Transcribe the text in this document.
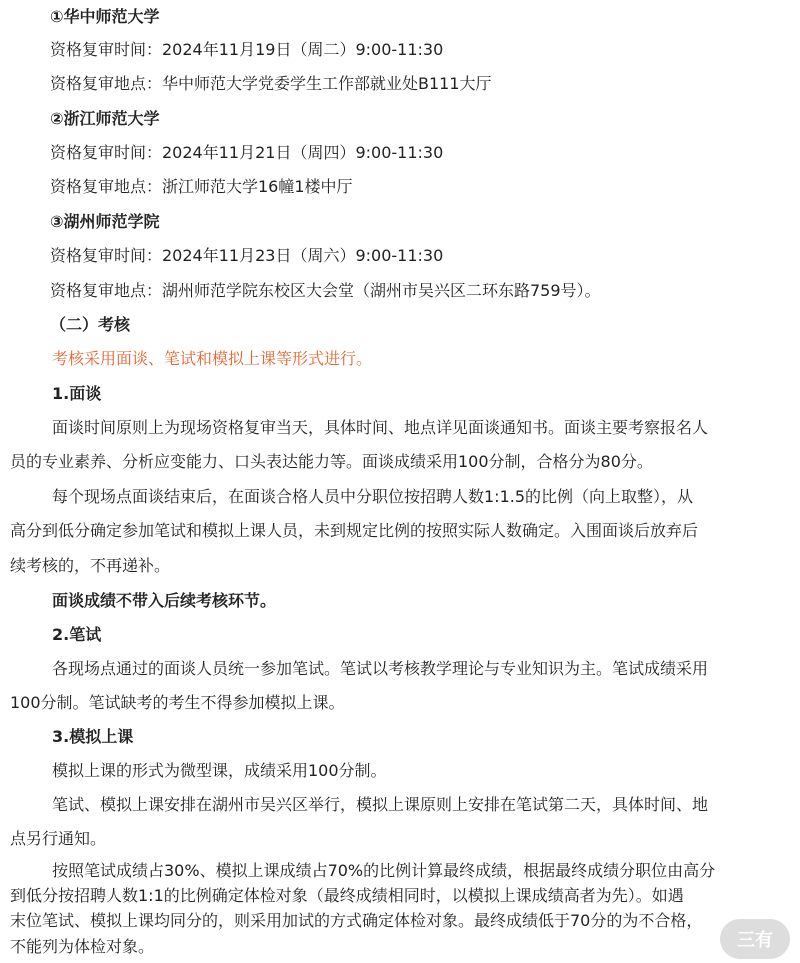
①华中师范大学
资格复审时间：2024年11月19日（周二）9:00-11:30
资格复审地点：华中师范大学党委学生工作部就业处B111大厅
②浙江师范大学
资格复审时间：2024年11月21日（周四）9:00-11:30
资格复审地点：浙江师范大学16幢1楼中厅
③湖州师范学院
资格复审时间：2024年11月23日（周六）9:00-11:30
资格复审地点：湖州师范学院东校区大会堂（湖州市吴兴区二环东路759号）。
（二）考核
考核采用面谈、笔试和模拟上课等形式进行。
1.面谈
面谈时间原则上为现场资格复审当天，具体时间、地点详见面谈通知书。面谈主要考察报名人
员的专业素养、分析应变能力、口头表达能力等。面谈成绩采用100分制，合格分为80分。
每个现场点面谈结束后，在面谈合格人员中分职位按招聘人数1:1.5的比例（向上取整），从
高分到低分确定参加笔试和模拟上课人员，未到规定比例的按照实际人数确定。入围面谈后放弃后
续考核的，不再递补。
面谈成绩不带入后续考核环节。
2.笔试
各现场点通过的面谈人员统一参加笔试。笔试以考核教学理论与专业知识为主。笔试成绩采用
100分制。笔试缺考的考生不得参加模拟上课。
3.模拟上课
模拟上课的形式为微型课，成绩采用100分制。
笔试、模拟上课安排在湖州市吴兴区举行，模拟上课原则上安排在笔试第二天，具体时间、地
点另行通知。
按照笔试成绩占30%、模拟上课成绩占70%的比例计算最终成绩，根据最终成绩分职位由高分
到低分按招聘人数1:1的比例确定体检对象（最终成绩相同时，以模拟上课成绩高者为先）。如遇
末位笔试、模拟上课均同分的，则采用加试的方式确定体检对象。最终成绩低于70分的为不合格，
不能列为体检对象。	三有
